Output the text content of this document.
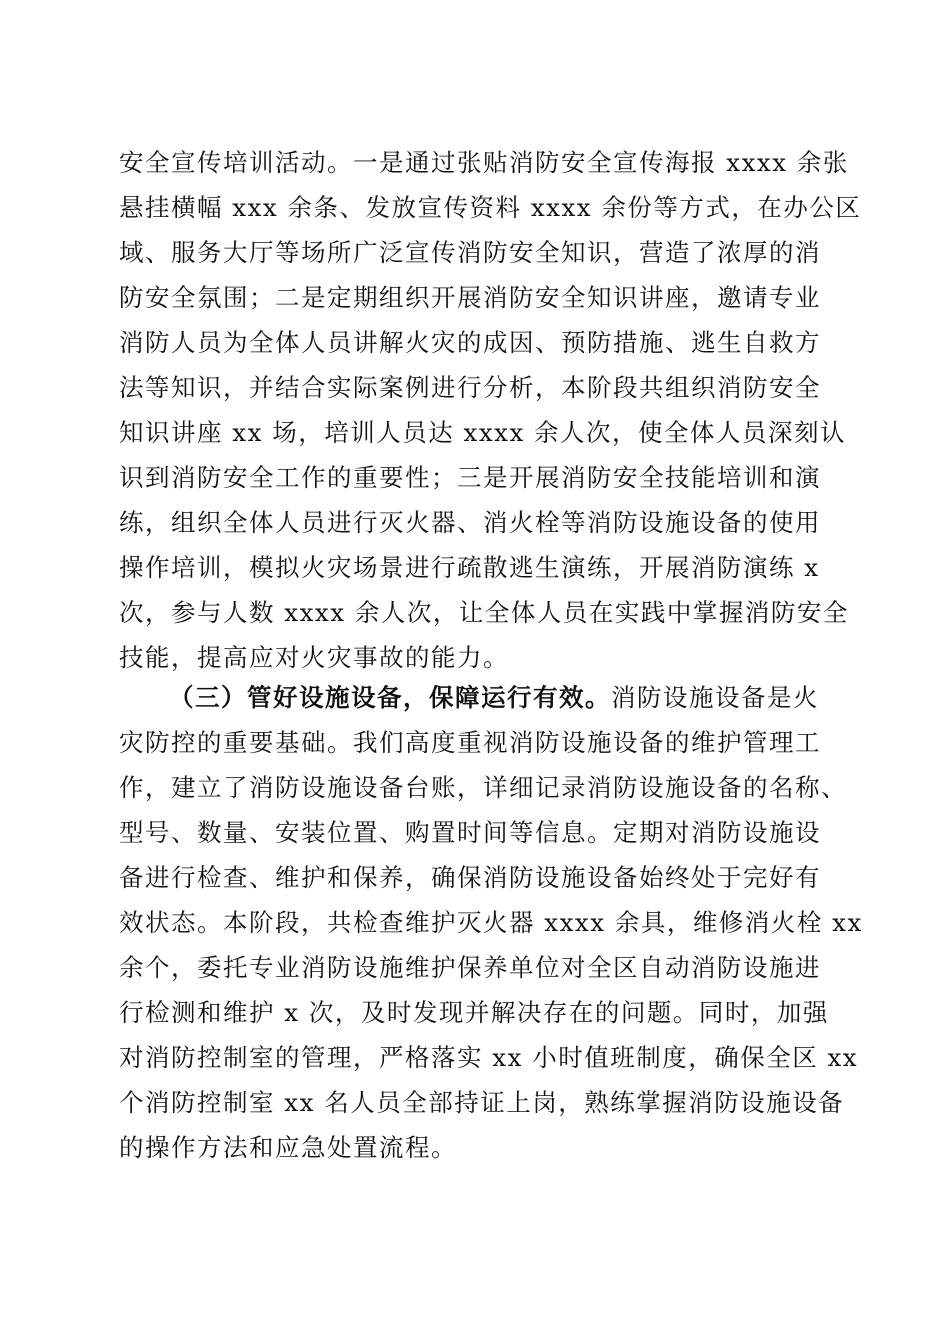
安全宣传培训活动。一是通过张贴消防安全宣传海报 xxxx 余张
悬挂横幅 xxx 余条、发放宣传资料 xxxx 余份等方式，在办公区
域、服务大厅等场所广泛宣传消防安全知识，营造了浓厚的消
防安全氛围；二是定期组织开展消防安全知识讲座，邀请专业
消防人员为全体人员讲解火灾的成因、预防措施、逃生自救方
法等知识，并结合实际案例进行分析，本阶段共组织消防安全
知识讲座 xx 场，培训人员达 xxxx 余人次，使全体人员深刻认
识到消防安全工作的重要性；三是开展消防安全技能培训和演
练，组织全体人员进行灭火器、消火栓等消防设施设备的使用
操作培训，模拟火灾场景进行疏散逃生演练，开展消防演练 x
次，参与人数 xxxx 余人次，让全体人员在实践中掌握消防安全
技能，提高应对火灾事故的能力。
（三）管好设施设备，保障运行有效。消防设施设备是火
灾防控的重要基础。我们高度重视消防设施设备的维护管理工
作，建立了消防设施设备台账，详细记录消防设施设备的名称、
型号、数量、安装位置、购置时间等信息。定期对消防设施设
备进行检查、维护和保养，确保消防设施设备始终处于完好有
效状态。本阶段，共检查维护灭火器 xxxx 余具，维修消火栓 xx
余个，委托专业消防设施维护保养单位对全区自动消防设施进
行检测和维护 x 次，及时发现并解决存在的问题。同时，加强
对消防控制室的管理，严格落实 xx 小时值班制度，确保全区 xx
个消防控制室 xx 名人员全部持证上岗，熟练掌握消防设施设备
的操作方法和应急处置流程。
